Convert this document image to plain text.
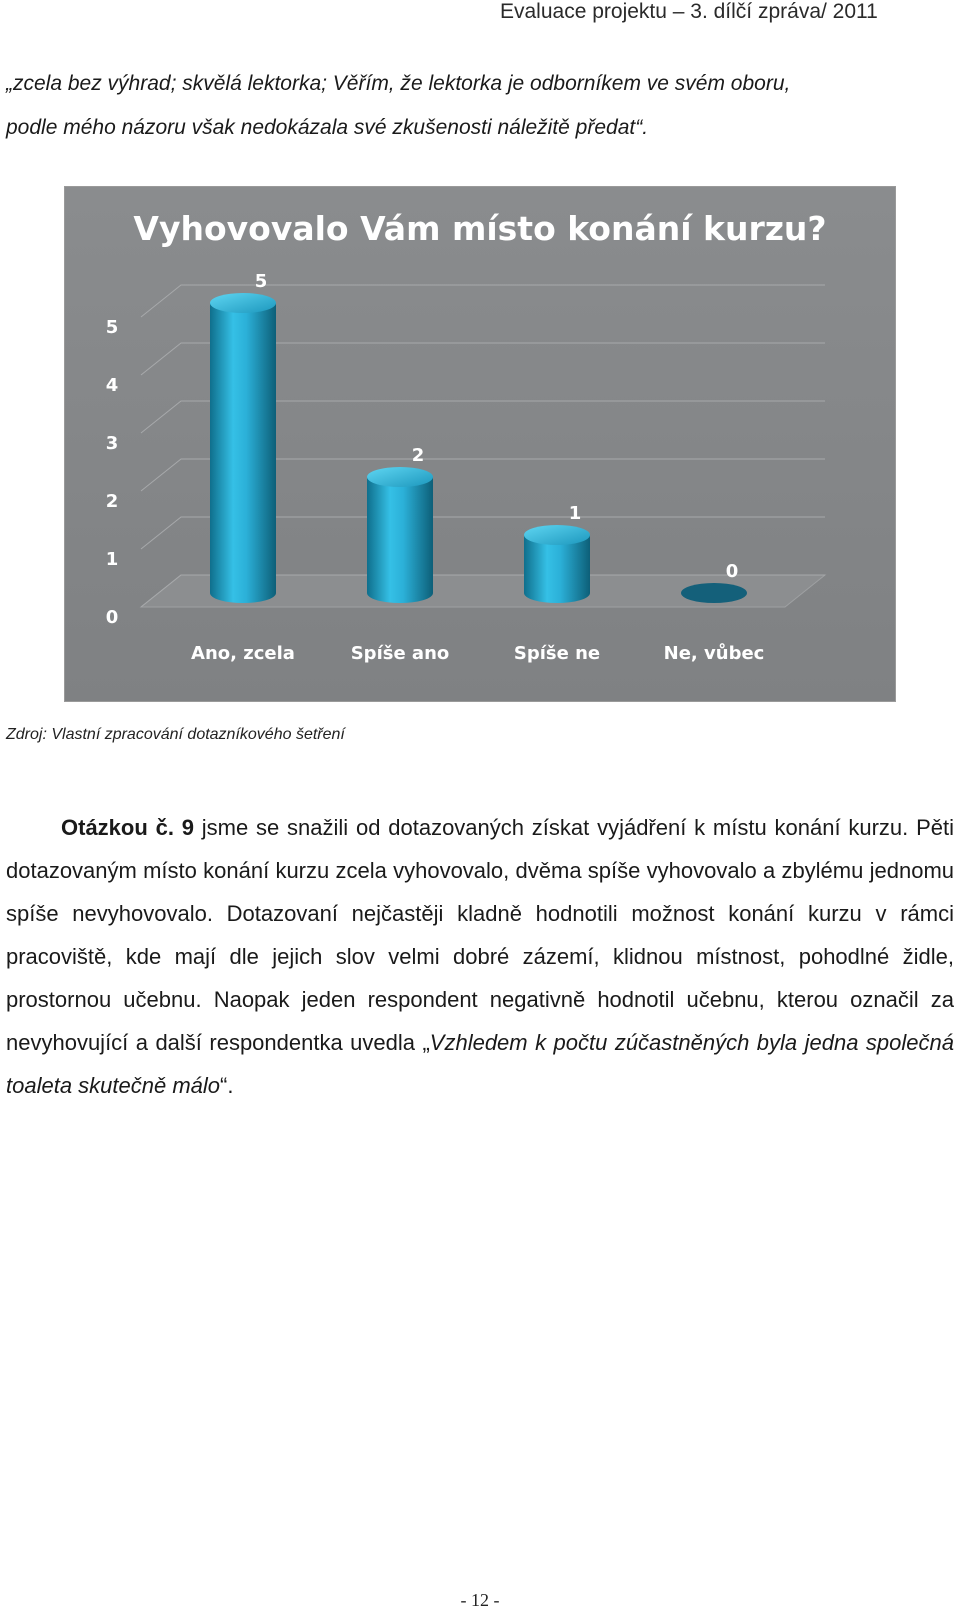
Evaluace projektu – 3. dílčí zpráva/ 2011
„zcela bez výhrad; skvělá lektorka; Věřím, že lektorka je odborníkem ve svém oboru,
podle mého názoru však nedokázala své zkušenosti náležitě předat“.
Vyhovovalo Vám místo konání kurzu?
0
1
2
3
4
5
5
Ano, zcela
2
Spíše ano
1
Spíše ne
0
Ne, vůbec
Zdroj: Vlastní zpracování dotazníkového šetření
Otázkou č. 9 jsme se snažili od dotazovaných získat vyjádření k místu konání kurzu. Pěti dotazovaným místo konání kurzu zcela vyhovovalo, dvěma spíše vyhovovalo a zbylému jednomu spíše nevyhovovalo. Dotazovaní nejčastěji kladně hodnotili možnost konání kurzu v rámci pracoviště, kde mají dle jejich slov velmi dobré zázemí, klidnou místnost, pohodlné židle, prostornou učebnu. Naopak jeden respondent negativně hodnotil učebnu, kterou označil za nevyhovující a další respondentka uvedla „Vzhledem k počtu zúčastněných byla jedna společná toaleta skutečně málo“.
- 12 -
